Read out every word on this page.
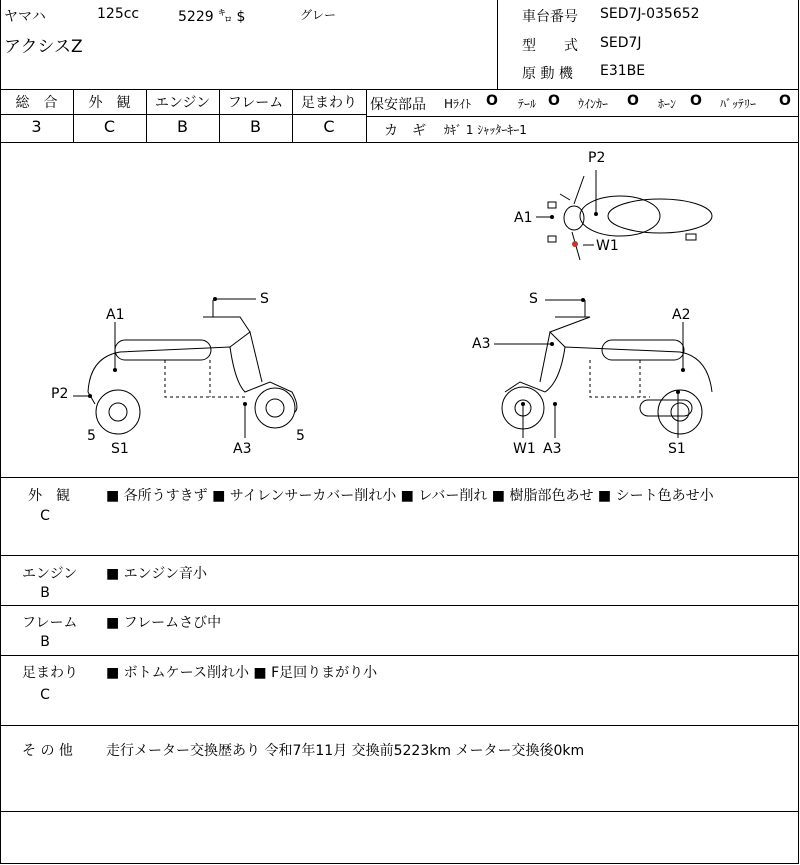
ヤマハ	125cc	5229 ㌔ $	グレー
アクシスZ
車台番号 SED7J-035652
型　　式 SED7J
原 動 機 E31BE
総　合	外　観	エンジン	フレーム	足まわり
3	C	B	B	C
保安部品 Hﾗｲﾄ O ﾃｰﾙ O ｳｲﾝｶｰ O ﾎｰﾝ O ﾊﾞｯﾃﾘｰ O
カ　ギ ｶｷﾞ 1 ｼｬｯﾀｰｷｰ1
P2
A1
W1
A1
S
P2
S1	A3
5	5
S
A3
A2
W1 A3	S1
外　観
C
■ 各所うすきず ■ サイレンサーカバー削れ小 ■ レバー削れ ■ 樹脂部色あせ ■ シート色あせ小
エンジン
B
■ エンジン音小
フレーム
B
■ フレームさび中
足まわり
C
■ ボトムケース削れ小 ■ F足回りまがり小
そ の 他 走行メーター交換歴あり 令和7年11月 交換前5223km メーター交換後0km
